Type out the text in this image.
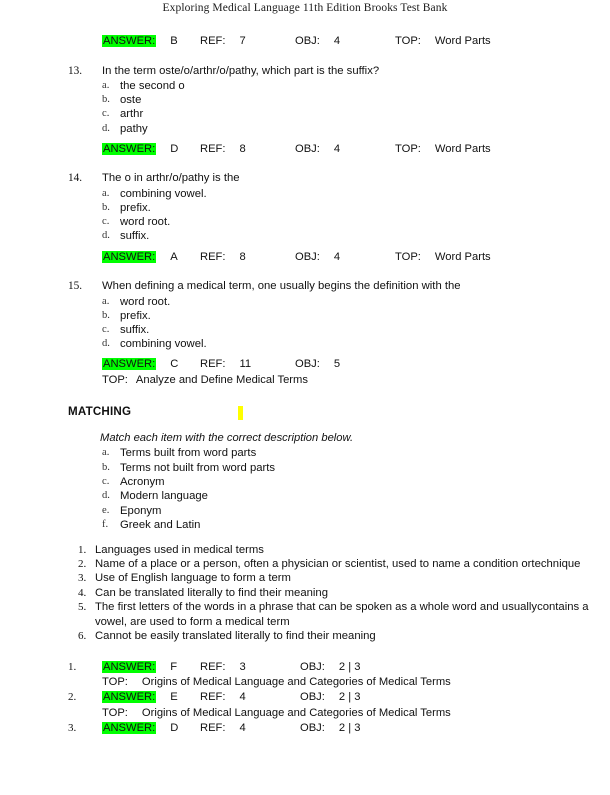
Exploring Medical Language 11th Edition Brooks Test Bank
ANSWER: B REF: 7	OBJ: 4	TOP: Word Parts
13.	In the term oste/o/arthr/o/pathy, which part is the suffix?
a. the second o
b. oste
c. arthr
d. pathy
ANSWER: D REF: 8	OBJ: 4	TOP: Word Parts
14.	The o in arthr/o/pathy is the
a. combining vowel.
b. prefix.
c. word root.
d. suffix.
ANSWER: A REF: 8	OBJ: 4	TOP: Word Parts
15.	When defining a medical term, one usually begins the definition with the
a. word root.
b. prefix.
c. suffix.
d. combining vowel.
ANSWER: C REF: 11	OBJ: 5
TOP: Analyze and Define Medical Terms
MATCHING
Match each item with the correct description below.
a. Terms built from word parts
b. Terms not built from word parts
c. Acronym
d. Modern language
e. Eponym
f. Greek and Latin
1. Languages used in medical terms
2. Name of a place or a person, often a physician or scientist, used to name a condition ortechnique
3. Use of English language to form a term
4. Can be translated literally to find their meaning
5. The first letters of the words in a phrase that can be spoken as a whole word and usuallycontains a vowel, are used to form a medical term
6. Cannot be easily translated literally to find their meaning
1. ANSWER: F REF: 3	OBJ: 2 | 3
TOP: Origins of Medical Language and Categories of Medical Terms
2. ANSWER: E REF: 4	OBJ: 2 | 3
TOP: Origins of Medical Language and Categories of Medical Terms
3. ANSWER: D REF: 4	OBJ: 2 | 3
